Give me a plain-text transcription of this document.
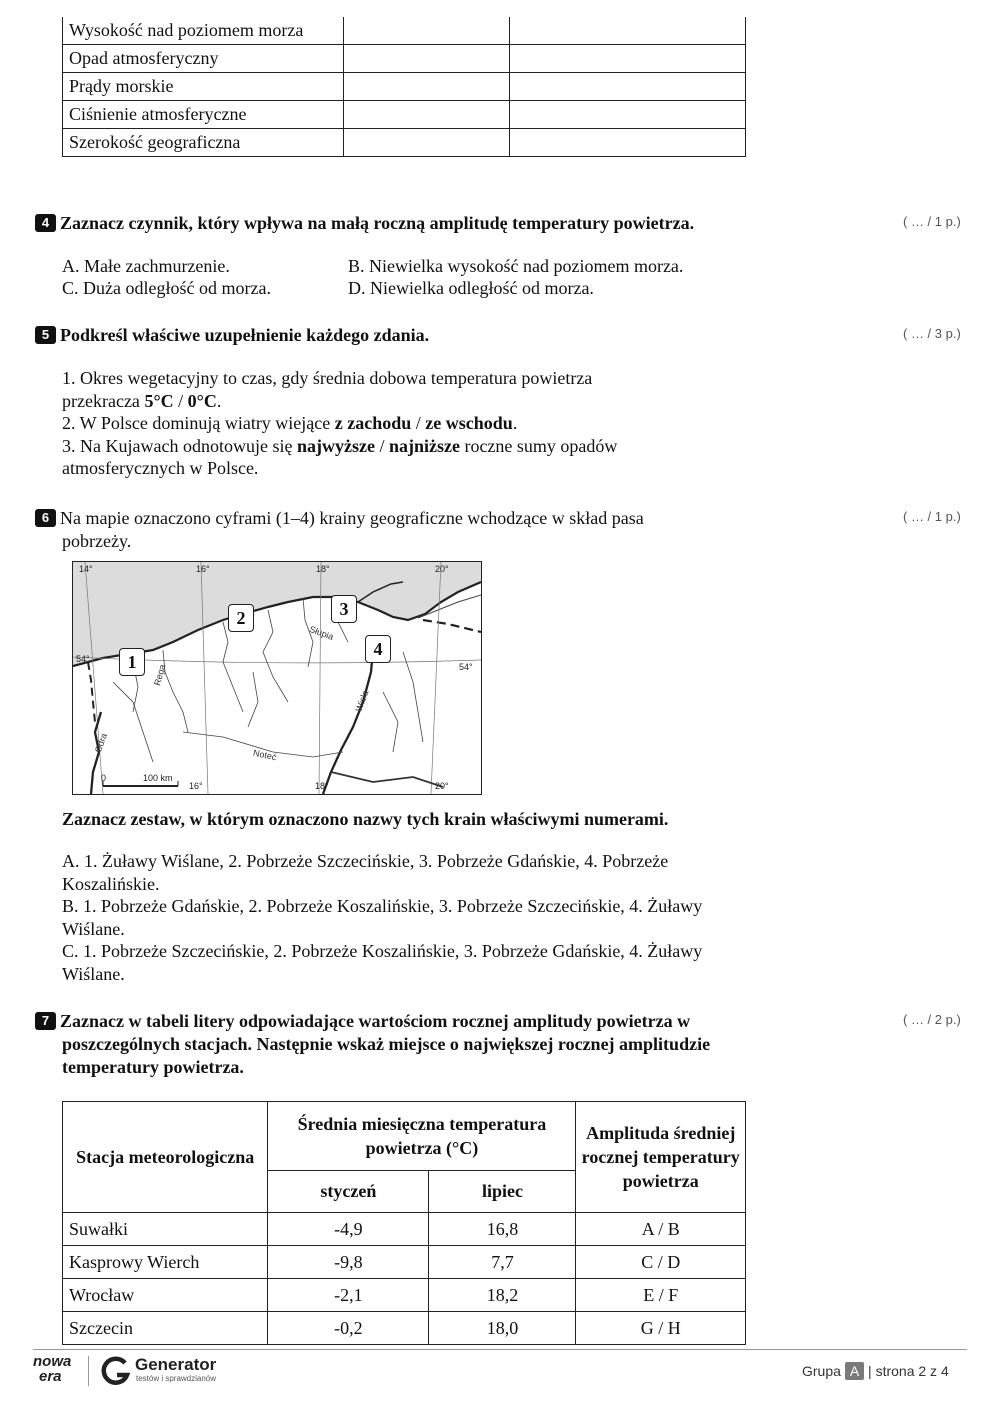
Wysokość nad poziomem morza		
Opad atmosferyczny		
Prądy morskie		
Ciśnienie atmosferyczne		
Szerokość geograficzna		
4 Zaznacz czynnik, który wpływa na małą roczną amplitudę temperatury powietrza.	( … / 1 p.)
A. Małe zachmurzenie.	B. Niewielka wysokość nad poziomem morza.
C. Duża odległość od morza.	D. Niewielka odległość od morza.
5 Podkreśl właściwe uzupełnienie każdego zdania.	( … / 3 p.)
1. Okres wegetacyjny to czas, gdy średnia dobowa temperatura powietrza
przekracza 5°C / 0°C.
2. W Polsce dominują wiatry wiejące z zachodu / ze wschodu.
3. Na Kujawach odnotowuje się najwyższe / najniższe roczne sumy opadów
atmosferycznych w Polsce.
6 Na mapie oznaczono cyframi (1–4) krainy geograficzne wchodzące w skład pasa
pobrzeży.
( … / 1 p.)
14°	16°	18°	20°
16°	18°	20°
54°
54°
Słupia
Rega
Wisła
Odra
Noteć
0	100 km
1
2	3
4
Zaznacz zestaw, w którym oznaczono nazwy tych krain właściwymi numerami.
A. 1. Żuławy Wiślane, 2. Pobrzeże Szczecińskie, 3. Pobrzeże Gdańskie, 4. Pobrzeże
Koszalińskie.
B. 1. Pobrzeże Gdańskie, 2. Pobrzeże Koszalińskie, 3. Pobrzeże Szczecińskie, 4. Żuławy
Wiślane.
C. 1. Pobrzeże Szczecińskie, 2. Pobrzeże Koszalińskie, 3. Pobrzeże Gdańskie, 4. Żuławy
Wiślane.
7 Zaznacz w tabeli litery odpowiadające wartościom rocznej amplitudy powietrza w
poszczególnych stacjach. Następnie wskaż miejsce o największej rocznej amplitudzie
temperatury powietrza.
( … / 2 p.)
Stacja meteorologiczna	Średnia miesięczna temperatura powietrza (°C)		Amplituda średniej rocznej temperatury powietrza
	styczeń	lipiec	
Suwałki	-4,9	16,8	A / B
Kasprowy Wierch	-9,8	7,7	C / D
Wrocław	-2,1	18,2	E / F
Szczecin	-0,2	18,0	G / H
nowa
era
Generator
testów i sprawdzianów	Grupa A | strona 2 z 4
